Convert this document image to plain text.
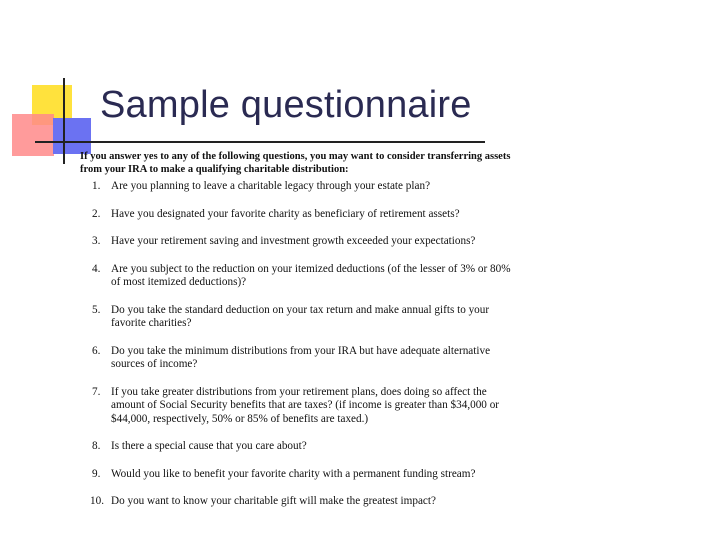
Sample questionnaire

If you answer yes to any of the following questions, you may want to consider transferring assets from your IRA to make a qualifying charitable distribution:

1. Are you planning to leave a charitable legacy through your estate plan?
2. Have you designated your favorite charity as beneficiary of retirement assets?
3. Have your retirement saving and investment growth exceeded your expectations?
4. Are you subject to the reduction on your itemized deductions (of the lesser of 3% or 80% of most itemized deductions)?
5. Do you take the standard deduction on your tax return and make annual gifts to your favorite charities?
6. Do you take the minimum distributions from your IRA but have adequate alternative sources of income?
7. If you take greater distributions from your retirement plans, does doing so affect the amount of Social Security benefits that are taxes? (if income is greater than $34,000 or $44,000, respectively, 50% or 85% of benefits are taxed.)
8. Is there a special cause that you care about?
9. Would you like to benefit your favorite charity with a permanent funding stream?
10. Do you want to know your charitable gift will make the greatest impact?
